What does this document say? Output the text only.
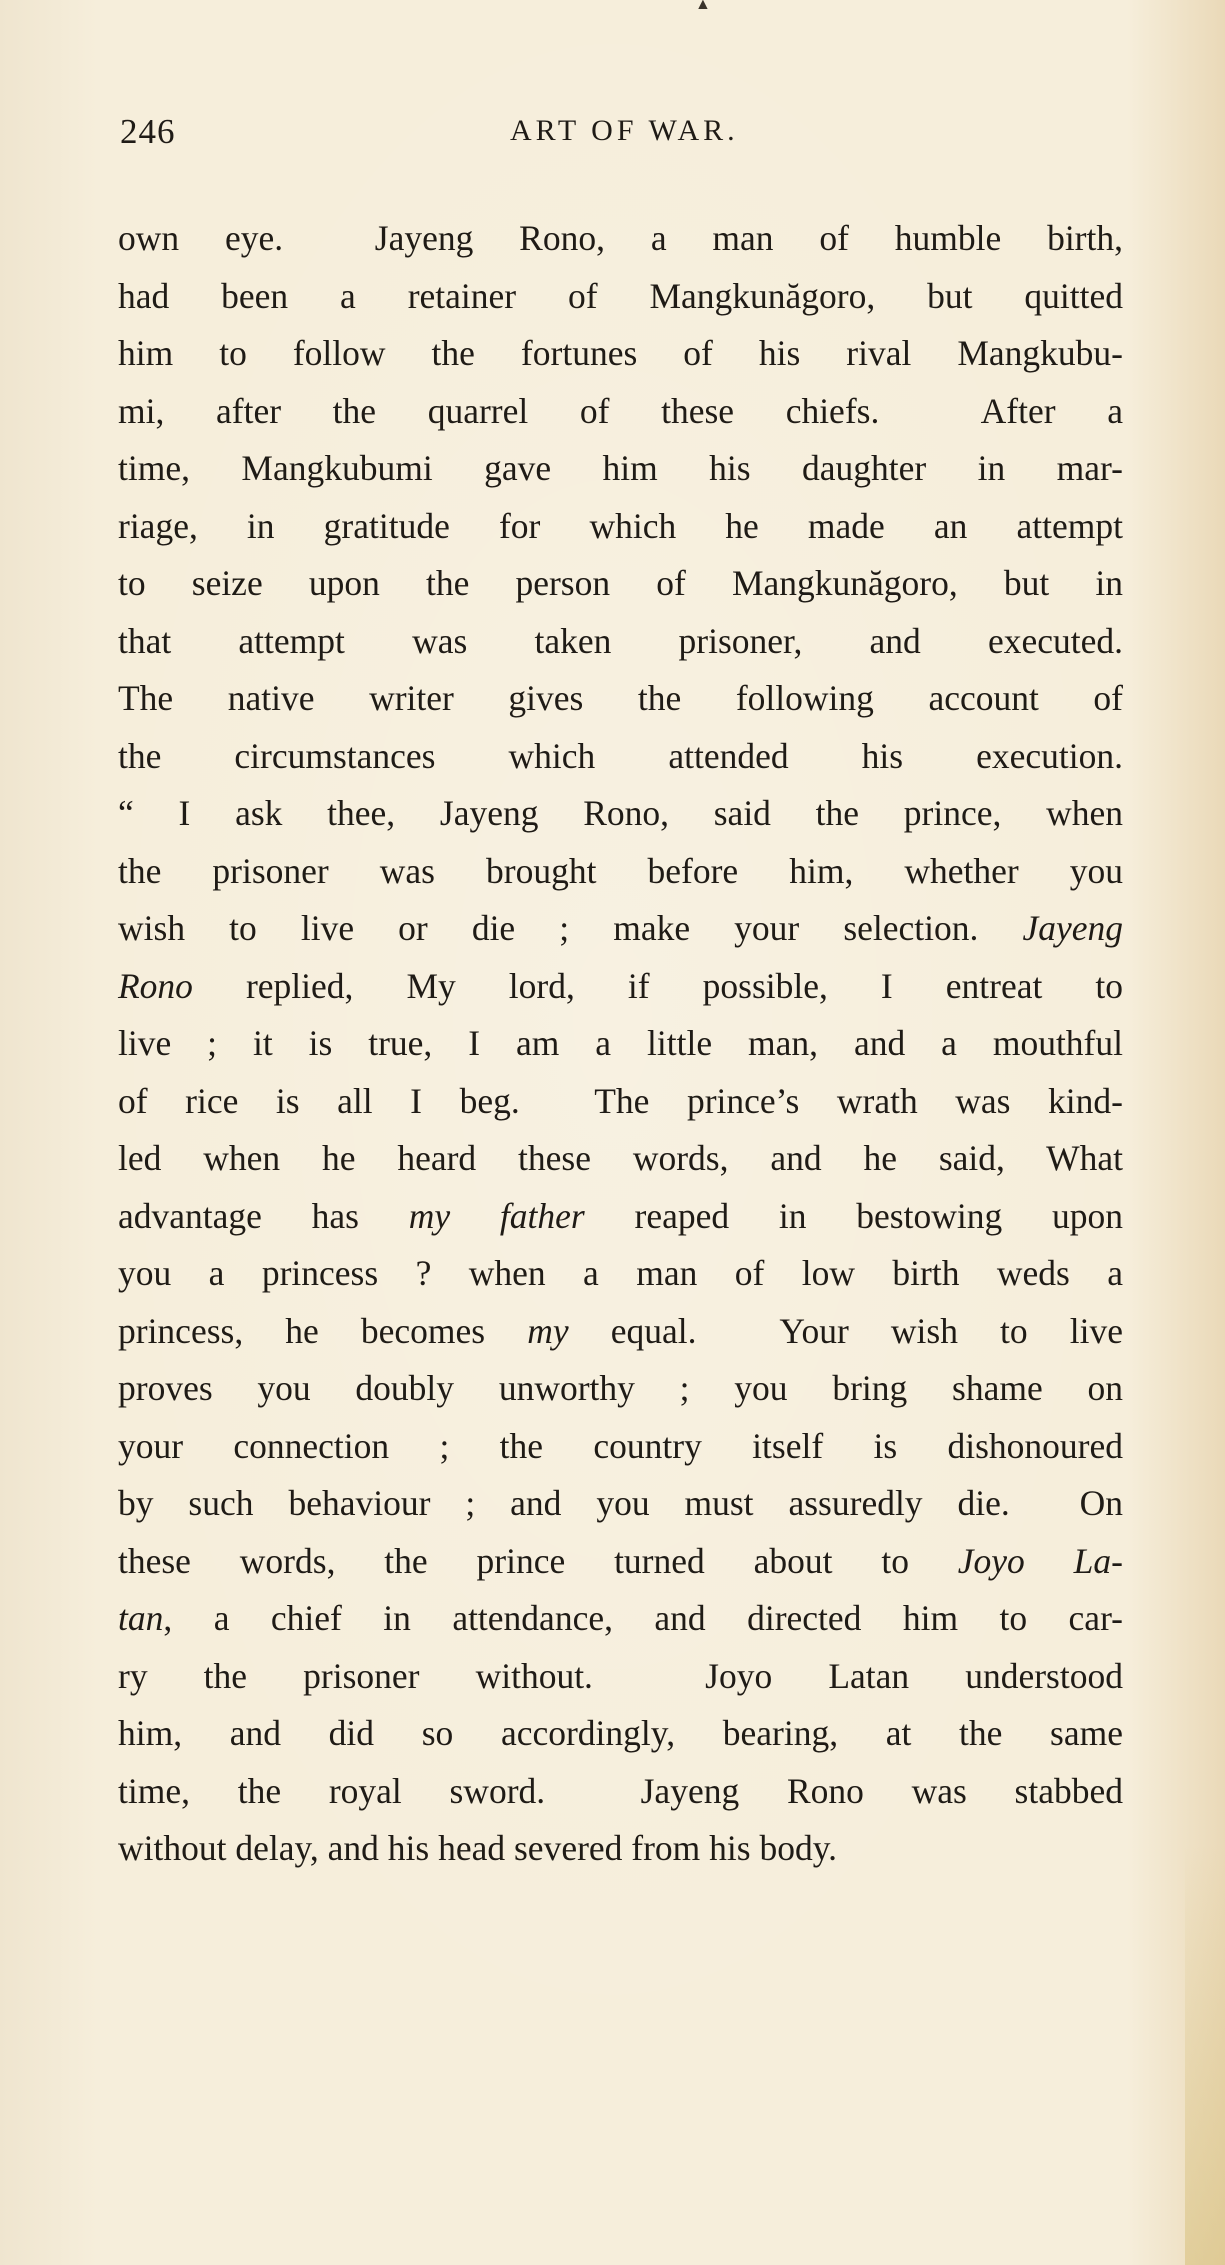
▲
246	ART OF WAR.
own eye.  Jayeng Rono, a man of humble birth,
had been a retainer of Mangkunăgoro, but quitted
him to follow the fortunes of his rival Mangkubu-
mi, after the quarrel of these chiefs.  After a
time, Mangkubumi gave him his daughter in mar-
riage, in gratitude for which he made an attempt
to seize upon the person of Mangkunăgoro, but in
that attempt was taken prisoner, and executed.
The native writer gives the following account of
the circumstances which attended his execution.
“ I ask thee, Jayeng Rono, said the prince, when
the prisoner was brought before him, whether you
wish to live or die ; make your selection. Jayeng
Rono replied, My lord, if possible, I entreat to
live ; it is true, I am a little man, and a mouthful
of rice is all I beg.  The prince’s wrath was kind-
led when he heard these words, and he said, What
advantage has my father reaped in bestowing upon
you a princess ? when a man of low birth weds a
princess, he becomes my equal.  Your wish to live
proves you doubly unworthy ; you bring shame on
your connection ; the country itself is dishonoured
by such behaviour ; and you must assuredly die.  On
these words, the prince turned about to Joyo La-
tan, a chief in attendance, and directed him to car-
ry the prisoner without.  Joyo Latan understood
him, and did so accordingly, bearing, at the same
time, the royal sword.  Jayeng Rono was stabbed
without delay, and his head severed from his body.
